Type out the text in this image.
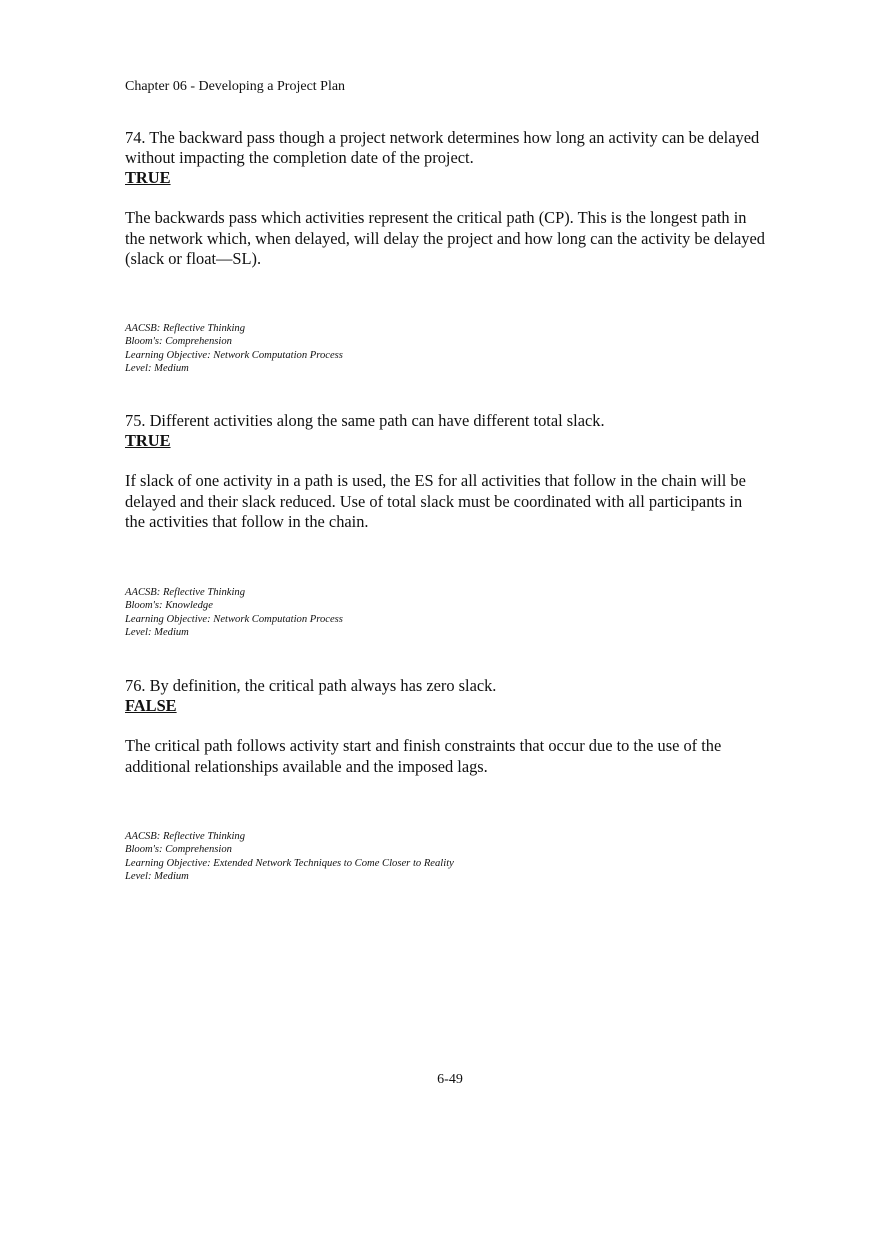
Chapter 06 - Developing a Project Plan

74. The backward pass though a project network determines how long an activity can be delayed without impacting the completion date of the project.

TRUE

The backwards pass which activities represent the critical path (CP). This is the longest path in the network which, when delayed, will delay the project and how long can the activity be delayed (slack or float—SL).

AACSB: Reflective Thinking
Bloom's: Comprehension
Learning Objective: Network Computation Process
Level: Medium

75. Different activities along the same path can have different total slack.

TRUE

If slack of one activity in a path is used, the ES for all activities that follow in the chain will be delayed and their slack reduced. Use of total slack must be coordinated with all participants in the activities that follow in the chain.

AACSB: Reflective Thinking
Bloom's: Knowledge
Learning Objective: Network Computation Process
Level: Medium

76. By definition, the critical path always has zero slack.

FALSE

The critical path follows activity start and finish constraints that occur due to the use of the additional relationships available and the imposed lags.

AACSB: Reflective Thinking
Bloom's: Comprehension
Learning Objective: Extended Network Techniques to Come Closer to Reality
Level: Medium
6-49
